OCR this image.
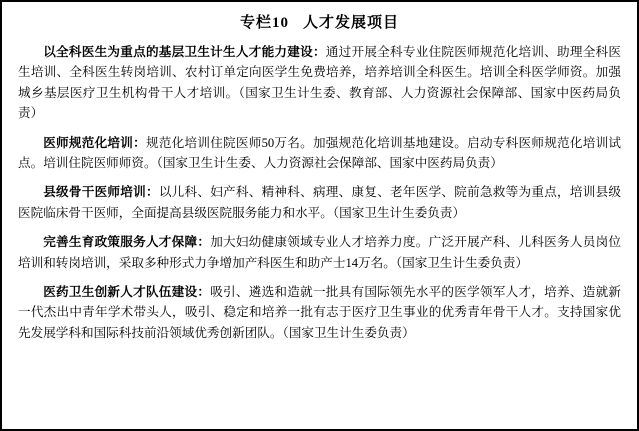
专栏10 人才发展项目

以全科医生为重点的基层卫生计生人才能力建设：通过开展全科专业住院医师规范化培训、助理全科医生培训、全科医生转岗培训、农村订单定向医学生免费培养，培养培训全科医生。培训全科医学师资。加强城乡基层医疗卫生机构骨干人才培训。（国家卫生计生委、教育部、人力资源社会保障部、国家中医药局负责）

医师规范化培训：规范化培训住院医师50万名。加强规范化培训基地建设。启动专科医师规范化培训试点。培训住院医师师资。（国家卫生计生委、人力资源社会保障部、国家中医药局负责）

县级骨干医师培训：以儿科、妇产科、精神科、病理、康复、老年医学、院前急救等为重点，培训县级医院临床骨干医师，全面提高县级医院服务能力和水平。（国家卫生计生委负责）

完善生育政策服务人才保障：加大妇幼健康领域专业人才培养力度。广泛开展产科、儿科医务人员岗位培训和转岗培训，采取多种形式力争增加产科医生和助产士14万名。（国家卫生计生委负责）

医药卫生创新人才队伍建设：吸引、遴选和造就一批具有国际领先水平的医学领军人才，培养、造就新一代杰出中青年学术带头人，吸引、稳定和培养一批有志于医疗卫生事业的优秀青年骨干人才。支持国家优先发展学科和国际科技前沿领域优秀创新团队。（国家卫生计生委负责）
